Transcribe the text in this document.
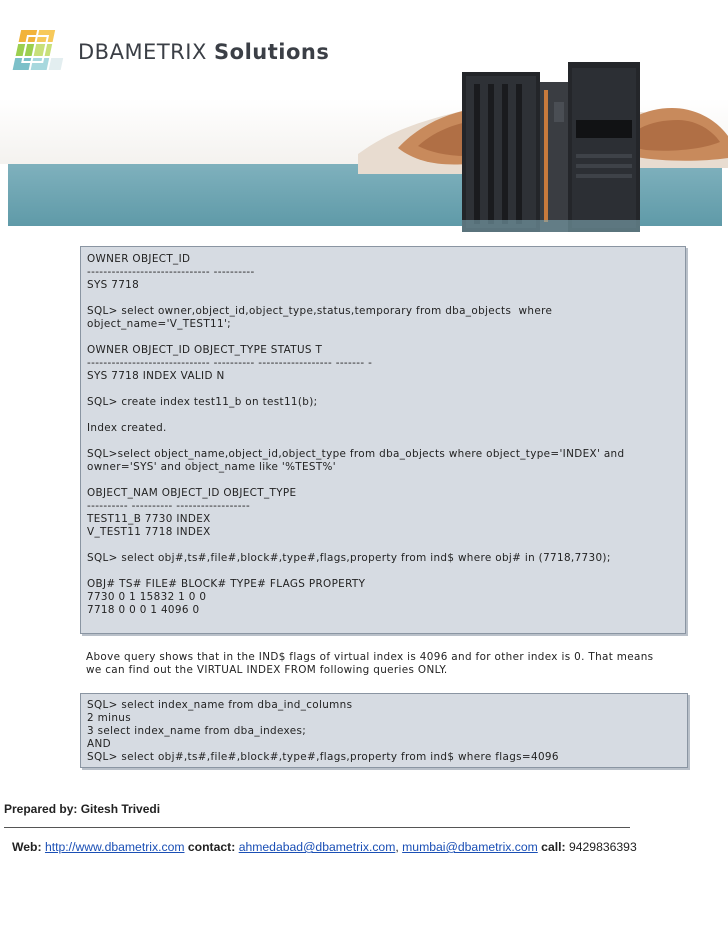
DBAMETRIX Solutions

OWNER OBJECT_ID

------------------------------ ----------

SYS 7718

SQL> select owner,object_id,object_type,status,temporary from dba_objects  where

object_name='V_TEST11';

OWNER OBJECT_ID OBJECT_TYPE STATUS T

------------------------------ ---------- ------------------ ------- -

SYS 7718 INDEX VALID N

SQL> create index test11_b on test11(b);

Index created.

SQL>select object_name,object_id,object_type from dba_objects where object_type='INDEX' and

owner='SYS' and object_name like '%TEST%'

OBJECT_NAM OBJECT_ID OBJECT_TYPE

---------- ---------- ------------------

TEST11_B 7730 INDEX

V_TEST11 7718 INDEX

SQL> select obj#,ts#,file#,block#,type#,flags,property from ind$ where obj# in (7718,7730);

OBJ# TS# FILE# BLOCK# TYPE# FLAGS PROPERTY

7730 0 1 15832 1 0 0

7718 0 0 0 1 4096 0

Above query shows that in the IND$ flags of virtual index is 4096 and for other index is 0. That means

we can find out the VIRTUAL INDEX FROM following queries ONLY.

SQL> select index_name from dba_ind_columns

2 minus

3 select index_name from dba_indexes;

AND

SQL> select obj#,ts#,file#,block#,type#,flags,property from ind$ where flags=4096

Prepared by: Gitesh Trivedi
Web: http://www.dbametrix.com contact: ahmedabad@dbametrix.com, mumbai@dbametrix.com call: 9429836393
